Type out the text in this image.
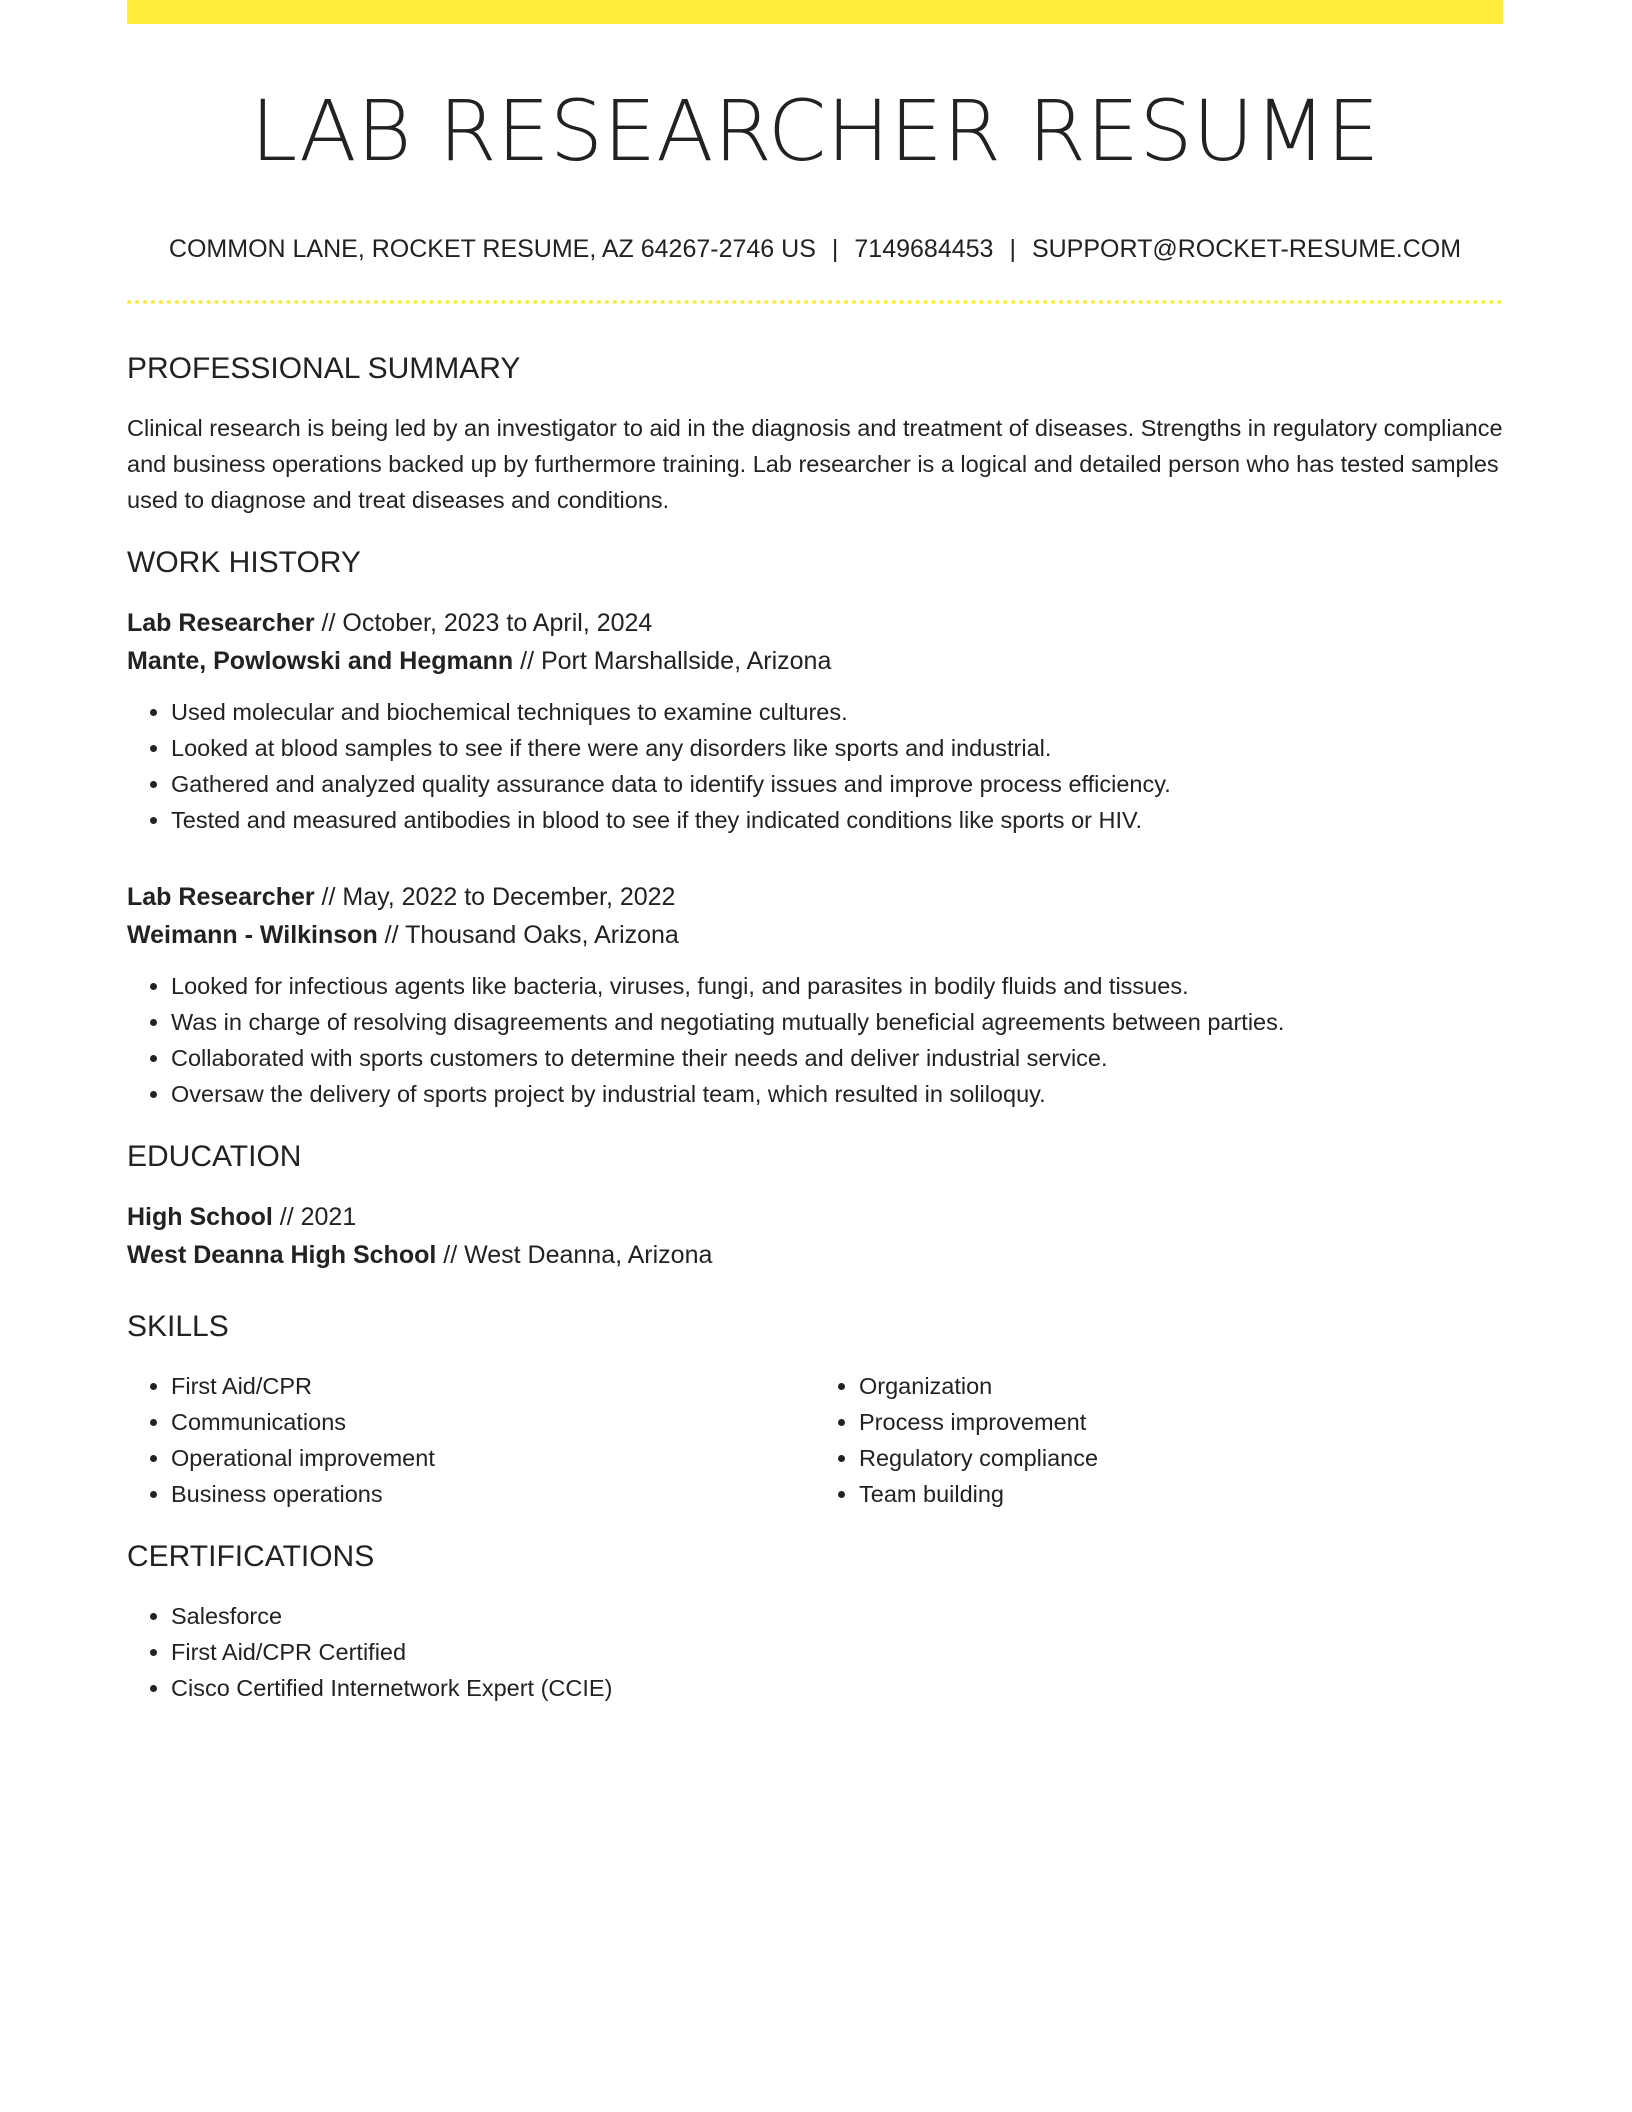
LAB RESEARCHER RESUME
COMMON LANE, ROCKET RESUME, AZ 64267-2746 US | 7149684453 | SUPPORT@ROCKET-RESUME.COM
PROFESSIONAL SUMMARY

Clinical research is being led by an investigator to aid in the diagnosis and treatment of diseases. Strengths in regulatory compliance and business operations backed up by furthermore training. Lab researcher is a logical and detailed person who has tested samples used to diagnose and treat diseases and conditions.

WORK HISTORY
Lab Researcher // October, 2023 to April, 2024
Mante, Powlowski and Hegmann // Port Marshallside, Arizona
• Used molecular and biochemical techniques to examine cultures.
• Looked at blood samples to see if there were any disorders like sports and industrial.
• Gathered and analyzed quality assurance data to identify issues and improve process efficiency.
• Tested and measured antibodies in blood to see if they indicated conditions like sports or HIV.
Lab Researcher // May, 2022 to December, 2022
Weimann - Wilkinson // Thousand Oaks, Arizona
• Looked for infectious agents like bacteria, viruses, fungi, and parasites in bodily fluids and tissues.
• Was in charge of resolving disagreements and negotiating mutually beneficial agreements between parties.
• Collaborated with sports customers to determine their needs and deliver industrial service.
• Oversaw the delivery of sports project by industrial team, which resulted in soliloquy.
EDUCATION
High School // 2021
West Deanna High School // West Deanna, Arizona
SKILLS
• First Aid/CPR
• Communications
• Operational improvement
• Business operations
• Organization
• Process improvement
• Regulatory compliance
• Team building
CERTIFICATIONS
• Salesforce
• First Aid/CPR Certified
• Cisco Certified Internetwork Expert (CCIE)
